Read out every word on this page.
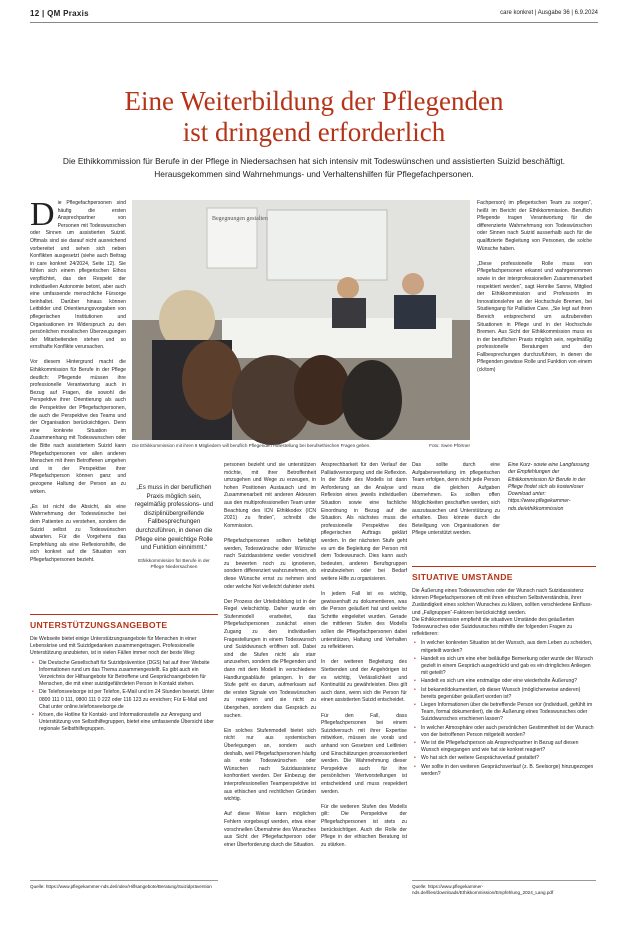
12 | QM Praxis	care konkret | Ausgabe 36 | 6.9.2024
Eine Weiterbildung der Pflegenden
ist dringend erforderlich

Die Ethikkommission für Berufe in der Pflege in Niedersachsen hat sich intensiv mit Todeswünschen und assistierten Suizid beschäftigt. Herausgekommen sind Wahrnehmungs- und Verhaltenshilfen für Pflegefachpersonen.

D ie Pflegefachpersonen sind häufig die ersten Ansprechpartner von Personen mit Todeswunschen oder Sinnen um assistierten Suizid. Oftmals sind sie darauf nicht ausreichend vorbereitet und sehen sich neben Konflikten ausgesetzt (siehe auch Beitrag in care konkret 24/2024, Seite 12). Sie fühlen sich einem pflegerischen Ethos verpflichtet, das den Respekt der individuellen Autonomie betont, aber auch eine umfassende menschliche Fürsorge beinhaltet. Darüber hinaus können Leitbilder und Orientierungsvorgaben von pflegerischen Institutionen und Organisationen im Widerspruch zu den persönlichen moralischen Überzeugungen der Mitarbeitenden stehen und so ernsthafte Konflikte verursachen.

Vor diesem Hintergrund macht die Ethikkommission für Berufe in der Pflege deutlich: Pflegende müssen ihre professionelle Verantwortung auch in Bezug auf Fragen, die sowohl die Perspektive ihrer Orientierung als auch die Perspektive der Pflegefachpersonen, die auch die Perspektive des Teams und der Organisation berücksichtigen. Denn eine konkrete Situation im Zusammenhang mit Todeswunschen oder die Bitte nach assistiertem Suizid kann Pflegefachpersonen vor allen anderen Menschen mit ihren Betroffenen umgehen und in der Perspektive ihrer Pflegefachperson können ganz und gezogene Haltung der Person an zu wirken.

„Es ist nicht die Absicht, als eine Wahrnehmung der Todeswünsche bei dem Patienten zu verstehen, sondern die Suizid selbst zu Todeswünschen abwarten. Für die Vorgehens das Empfehlung als eine Reflexionshilfe, die sich konkret auf die Situation von Pflegefachpersonen bezieht.

Begegnungen gestalten
Die Ethikkommission mit ihren 9 Mitgliedern will beruflich Pflegenden Hilfestellung bei berufsethischen Fragen geben.	Foto: Swen Pförtner

Fachperson) im pflegerischen Team zu sorgen“, heißt im Bericht der Ethikkommission. Beruflich Pflegende tragen Verantwortung für die differenzierte Wahrnehmung von Todeswünschen oder Sinnen nach Suizid ausserhalb auch für die qualifizierte Begleitung von Personen, die solche Wünsche haben.

„Diese professionelle Rolle muss von Pflegefachpersonen erkannt und wahrgenommen sowie in der interprofessionellen Zusammenarbeit respektiert werden“, sagt Henrike Sanne, Mitglied der Ethikkommission und Professorin im Innovationslehre an der Hochschule Bremen, bei Studiengang für Palliative Care. „Sie legt auf ihren Bereich entsprechend um aufzubereiten Situationen in Pflege und in der Hochschule Bremen. Aus Sicht der Ethikkommission muss es in der beruflichen Praxis möglich sein, regelmäßig professionelle Beratungen und den Fallbesprechungen durchzuführen, in denen die Pflegenden gewisse Rolle und Funktion von einem (ck/tom)

„Es muss in der beruflichen Praxis möglich sein, regelmäßig professions- und disziplinübergreifende Fallbesprechungen durchzuführen, in denen die Pflege eine gewichtige Rolle und Funktion einnimmt.“
Ethikkommission für Berufe in der Pflege Niedersachsen

personen bezieht und sie unterstützen möchte, mit ihrer Betroffenheit umzugehen und Wege zu erzeugen, in hohen Positionen Austausch und im Zusammenarbeit mit anderen Akteuren aus den multiprofessionellen Team unter Beachtung des ICN Ethikkodex (ICN 2021) zu finden“, schreibt die Kommission.

Pflegefachpersonen sollten befähigt werden, Todeswünsche oder Wünsche nach Suizidassistenz weder vorschnell zu bewerten noch zu ignorieren, sondern differenziert wahrzunehmen, ob diese Wünsche ernst zu nehmen sind oder welche Not vielleicht dahinter steht.

Der Prozess der Urteilsbildung ist in der Regel vielschichtig. Daher wurde ein Stufenmodell erarbeitet, das Pflegefachpersonen zunächst einen Zugang zu den individuellen Fragestellungen in einem Todeswunsch und Suizidwunsch eröffnen soll. Dabei sind die Stufen nicht als starr anzusehen, sondern die Pflegenden und dann mit dem Modell in verschiedene Handlungsabläufe gelangen. In der Stufe geht es darum, aufmerksam auf die ersten Signale von Todeswünschen zu reagieren und sie nicht zu übergehen, sondern das Gespräch zu suchen.

Ein solches Stufenmodell bietet sich nicht nur aus systemischen Überlegungen an, sondern auch deshalb, weil Pflegefachpersonen häufig als erste Todeswünschen oder Wünschen nach Suizidassistenz konfrontiert werden. Der Einbezug der interprofessionellen Teamperspektive ist aus ethischen und rechtlichen Gründen wichtig.

Auf diese Weise kann möglichen Fehlern vorgebeugt werden, etwa einer vorschnellen Übernahme des Wunsches aus Sicht der Pflegefachperson oder einer Überforderung durch die Situation.

Ansprechbarkeit für den Verlauf der Palliativversorgung und die Reflexion. In der Stufe des Modells ist dann Anforderung an die Analyse und Reflexion eines jeweils individuellen Situation sowie eine fachliche Einordnung in Bezug auf die Situation. Als nächstes muss die professionelle Perspektive des pflegerischen Auftrags geklärt werden. In der nächsten Stufe geht es um die Begleitung der Person mit dem Todeswunsch. Dies kann auch bedeuten, anderen Berufsgruppen einzubeziehen oder bei Bedarf weitere Hilfe zu organisieren.

In jedem Fall ist es wichtig, gewissenhaft zu dokumentieren, was die Person geäußert hat und welche Schritte eingeleitet wurden. Gerade die mittleren Stufen des Modells sollen die Pflegefachpersonen dabei unterstützen, Haltung und Verhalten zu reflektieren.

In der weiteren Begleitung des Sterbenden und der Angehörigen ist es wichtig, Verlässlichkeit und Kontinuität zu gewährleisten. Dies gilt auch dann, wenn sich die Person für einen assistierten Suizid entscheidet.

Für den Fall, dass Pflegefachpersonen bei einem Suizidversuch mit ihrer Expertise mitwirken, müssen sie vorab und anhand von Gesetzen und Leitlinien und Einschätzungen prozessorientiert werden. Die Wahrnehmung dieser Perspektive auch für ihre persönlichen Wertvorstellungen ist entscheidend und muss respektiert werden.

Für die weiteren Stufen des Modells gilt: Die Perspektive der Pflegefachpersonen ist stets zu berücksichtigen. Auch die Rolle der Pflege in der ethischen Beratung ist zu stärken.

Das sollte durch eine Aufgabenverteilung im pflegerischen Team erfolgen, denn nicht jede Person muss die gleichen Aufgaben übernehmen. Es sollten offen Möglichkeiten geschaffen werden, sich auszutauschen und Unterstützung zu erhalten. Dies könnte durch die Beteiligung von Organisationen der Pflege unterstützt werden.

Eine Kurz- sowie eine Langfassung der Empfehlungen der Ethikkommission für Berufe in der Pflege findet sich als kostenloser Download unter: https://www.pflegekammer-nds.de/ethikkommission
UNTERSTÜTZUNGSANGEBOTE
Die Webseite bietet einige Unterstützungsangebote für Menschen in einer Lebenskrise und mit Suizidgedanken zusammengetragen. Professionelle Unterstützung anzubieten, ist in vielen Fällen immer noch der beste Weg:
• Die Deutsche Gesellschaft für Suizidprävention (DGS) hat auf ihrer Website Informationen rund um das Thema zusammengestellt. Es gibt auch ein Verzeichnis der Hilfsangebote für Betroffene und Gesprächsangeboten für Menschen, die mit einer suizidgefährdeten Person in Kontakt stehen.
• Die Telefonseelsorge ist per Telefon, E-Mail und im 24 Stunden besetzt. Unter 0800 111 0 111, 0800 111 0 222 oder 116 123 zu erreichen; Für E-Mail und Chat unter online.telefonseelsorge.de
• Krisen, die Hotline für Kontakt- und Informationsstelle zur Anregung und Unterstützung von Selbsthilfegruppen, bietet eine umfassende Übersicht über regionale Selbsthilfegruppen.
Quelle: https://www.pflegekammer-nds.de/index/Hilfsangebote/Beratung/Suizidprävention
SITUATIVE UMSTÄNDE
Die Äußerung eines Todeswunsches oder der Wunsch nach Suizidassistenz können Pflegefachpersonen oft mit ihren ethischen Selbstverständnis, ihrer Zuständigkeit eines solchen Wunsches zu klären, sollten verschiedene Einfluss- und „Fallgruppen“-Faktoren berücksichtigt werden.
Die Ethikkommission empfiehlt die situativen Umstände des geäußerten Todeswunsches oder Suizidwunsches mithilfe der folgenden Fragen zu reflektieren:
• In welcher konkreten Situation ist der Wunsch, aus dem Leben zu scheiden, mitgeteilt worden?
• Handelt es sich um eine eher beiläufige Bemerkung oder wurde der Wunsch gezielt in einem Gespräch ausgedrückt und gab es ein dringliches Anliegen mit geteilt?
• Handelt es sich um eine erstmalige oder eine wiederholte Äußerung?
• Ist bekannt/dokumentiert, ob dieser Wunsch (möglicherweise anderen) bereits gegenüber geäußert worden ist?
• Liegen Informationen über die betreffende Person vor (individuell, gefühlt im Team, formal dokumentiert), die die Äußerung eines Todeswunsches oder Suizidwunsches erschienen lassen?
• In welcher Atmosphäre oder auch persönlichen Gestimmtheit ist der Wunsch von der betroffenen Person mitgeteilt worden?
• Wie ist die Pflegefachperson als Ansprechpartner in Bezug auf diesen Wunsch eingegangen und wie hat sie konkret reagiert?
• Wo hat sich der weitere Gesprächsverlauf gestaltet?
• Wer sollte in den weiteren Gesprächsverlauf (z. B. Seelsorge) hinzugezogen werden?
Quelle: https://www.pflegekammer-nds.de/files/downloads/Ethikkommission/Empfehlung_2024_Lang.pdf
